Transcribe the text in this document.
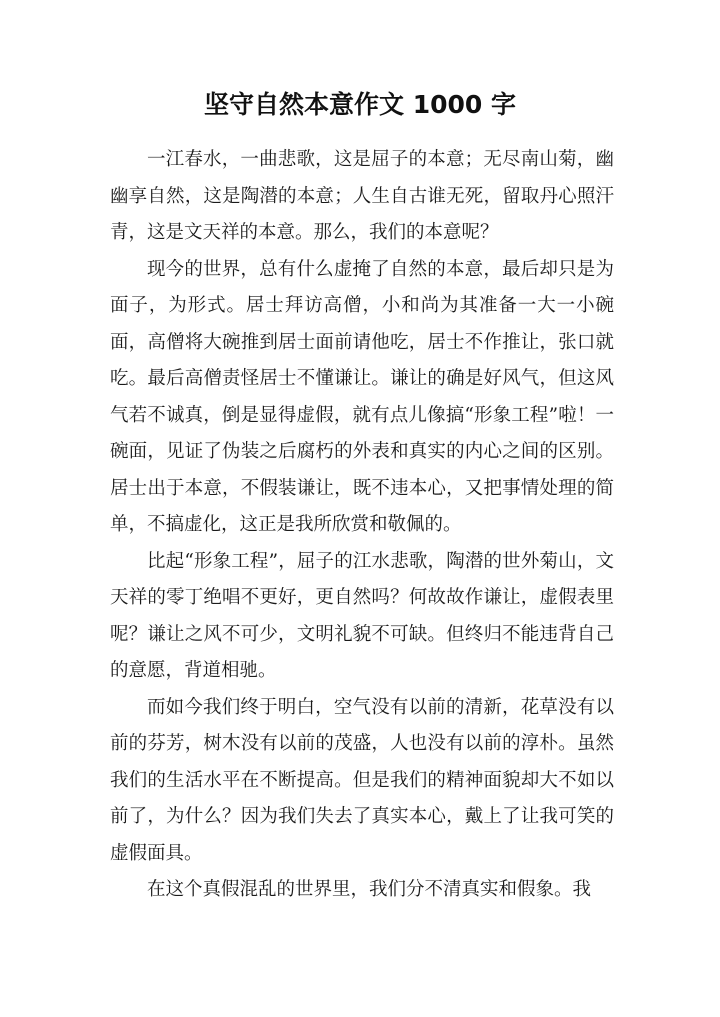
坚守自然本意作文 1000 字

一江春水，一曲悲歌，这是屈子的本意；无尽南山菊，幽幽享自然，这是陶潜的本意；人生自古谁无死，留取丹心照汗青，这是文天祥的本意。那么，我们的本意呢？

现今的世界，总有什么虚掩了自然的本意，最后却只是为面子，为形式。居士拜访高僧，小和尚为其准备一大一小碗面，高僧将大碗推到居士面前请他吃，居士不作推让，张口就吃。最后高僧责怪居士不懂谦让。谦让的确是好风气，但这风气若不诚真，倒是显得虚假，就有点儿像搞“形象工程”啦！一碗面，见证了伪装之后腐朽的外表和真实的内心之间的区别。居士出于本意，不假装谦让，既不违本心，又把事情处理的简单，不搞虚化，这正是我所欣赏和敬佩的。

比起“形象工程”，屈子的江水悲歌，陶潜的世外菊山，文天祥的零丁绝唱不更好，更自然吗？何故故作谦让，虚假表里呢？谦让之风不可少，文明礼貌不可缺。但终归不能违背自己的意愿，背道相驰。

而如今我们终于明白，空气没有以前的清新，花草没有以前的芬芳，树木没有以前的茂盛，人也没有以前的淳朴。虽然我们的生活水平在不断提高。但是我们的精神面貌却大不如以前了，为什么？因为我们失去了真实本心，戴上了让我可笑的虚假面具。

在这个真假混乱的世界里，我们分不清真实和假象。我
